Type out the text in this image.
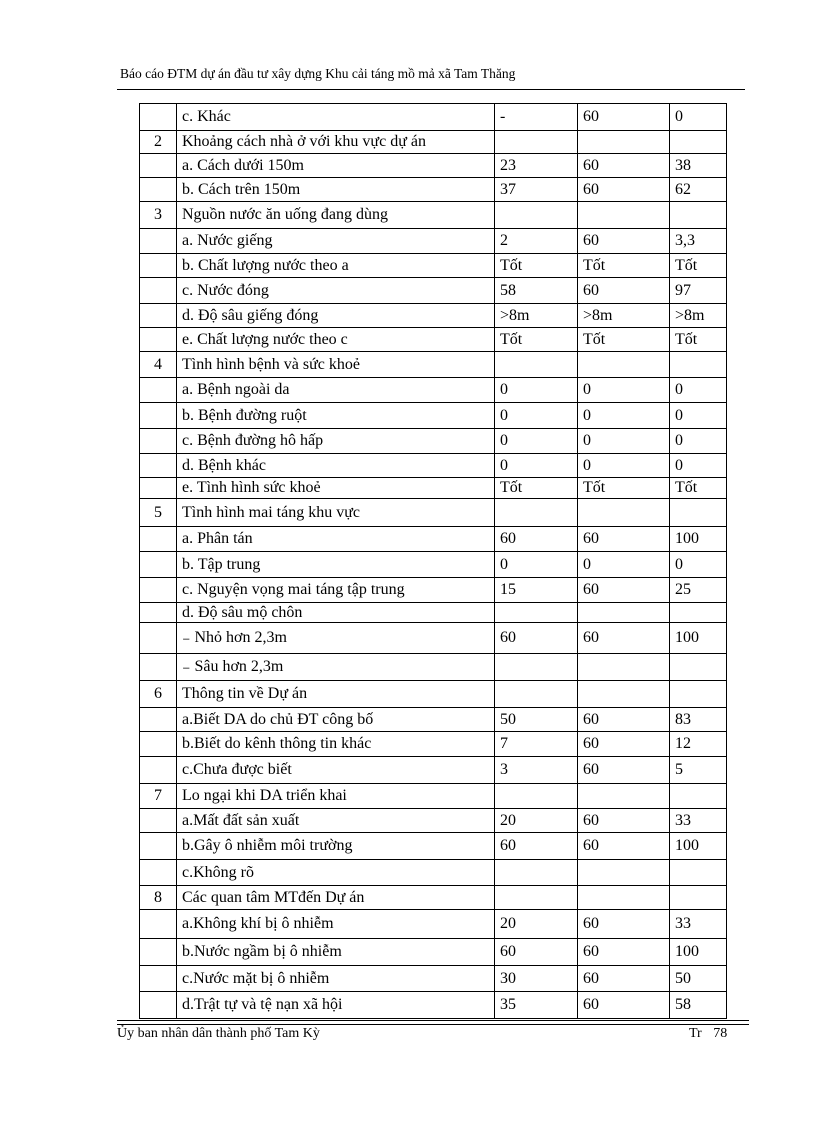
Báo cáo ĐTM dự án đầu tư xây dựng Khu cải táng mồ mả xã Tam Thăng
	c. Khác	-	60	0
2	Khoảng cách nhà ở với khu vực dự án			
	a. Cách dưới 150m	23	60	38
	b. Cách trên 150m	37	60	62
3	Nguồn nước ăn uống đang dùng			
	a. Nước giếng	2	60	3,3
	b. Chất lượng nước theo a	Tốt	Tốt	Tốt
	c. Nước đóng	58	60	97
	d. Độ sâu giếng đóng	>8m	>8m	>8m
	e. Chất lượng nước theo c	Tốt	Tốt	Tốt
4	Tình hình bệnh và sức khoẻ			
	a. Bệnh ngoài da	0	0	0
	b. Bệnh đường ruột	0	0	0
	c. Bệnh đường hô hấp	0	0	0
	d. Bệnh khác	0	0	0
	e. Tình hình sức khoẻ	Tốt	Tốt	Tốt
5	Tình hình mai táng khu vực			
	a. Phân tán	60	60	100
	b. Tập trung	0	0	0
	c. Nguyện vọng mai táng tập trung	15	60	25
	d. Độ sâu mộ chôn			
	₋ Nhỏ hơn 2,3m	60	60	100
	₋ Sâu hơn 2,3m			
6	Thông tin về Dự án			
	a.Biết DA do chủ ĐT công bố	50	60	83
	b.Biết do kênh thông tin khác	7	60	12
	c.Chưa được biết	3	60	5
7	Lo ngại khi DA triển khai			
	a.Mất đất sản xuất	20	60	33
	b.Gây ô nhiễm môi trường	60	60	100
	c.Không rõ			
8	Các quan tâm MTđến Dự án			
	a.Không khí bị ô nhiễm	20	60	33
	b.Nước ngầm bị ô nhiễm	60	60	100
	c.Nước mặt bị ô nhiễm	30	60	50
	d.Trật tự và tệ nạn xã hội	35	60	58
Ủy ban nhân dân thành phố Tam Kỳ	Tr 78
